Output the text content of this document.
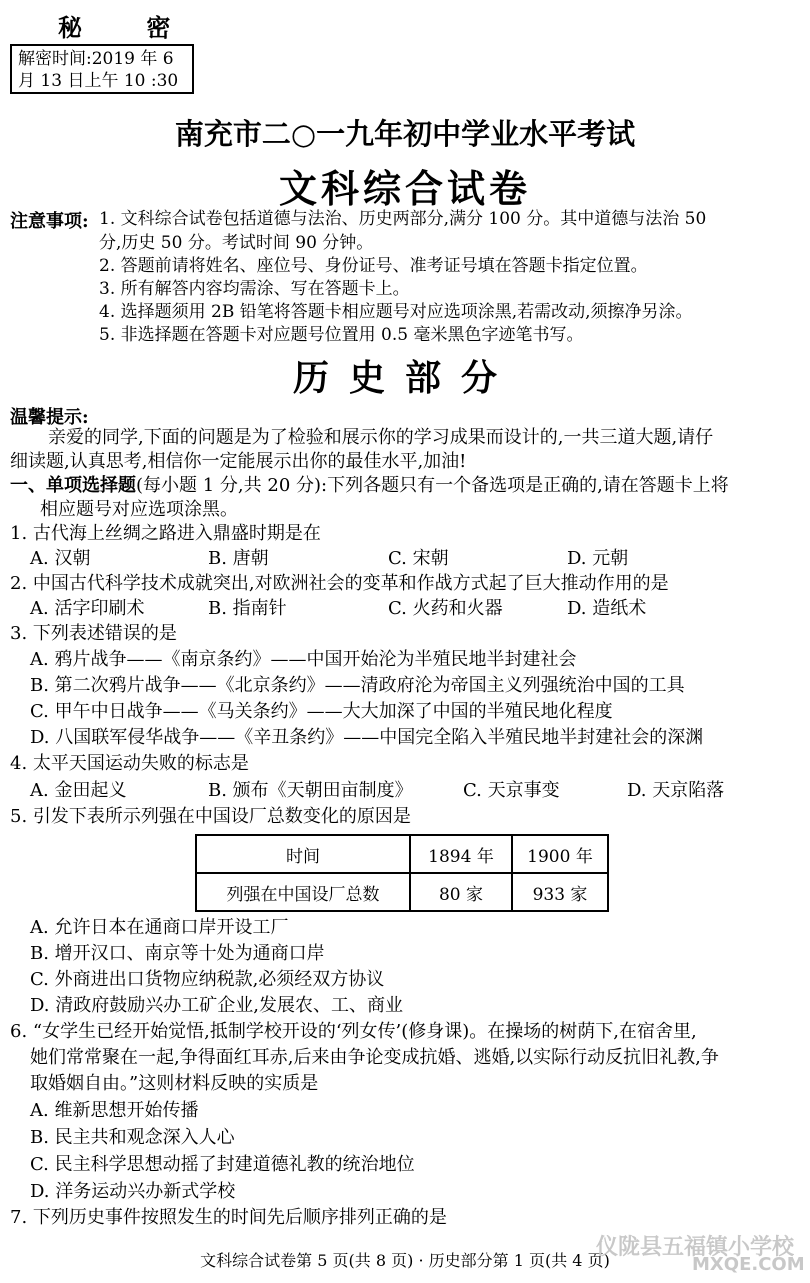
秘 密
解密时间:2019 年 6
月 13 日上午 10 :30
南充市二○一九年初中学业水平考试
文科综合试卷
注意事项: 1. 文科综合试卷包括道德与法治、历史两部分,满分 100 分。其中道德与法治 50
分,历史 50 分。考试时间 90 分钟。
2. 答题前请将姓名、座位号、身份证号、准考证号填在答题卡指定位置。
3. 所有解答内容均需涂、写在答题卡上。
4. 选择题须用 2B 铅笔将答题卡相应题号对应选项涂黑,若需改动,须擦净另涂。
5. 非选择题在答题卡对应题号位置用 0.5 毫米黑色字迹笔书写。
历史部分
温馨提示:
亲爱的同学,下面的问题是为了检验和展示你的学习成果而设计的,一共三道大题,请仔
细读题,认真思考,相信你一定能展示出你的最佳水平,加油!
一、单项选择题(每小题 1 分,共 20 分):下列各题只有一个备选项是正确的,请在答题卡上将
相应题号对应选项涂黑。
1. 古代海上丝绸之路进入鼎盛时期是在
A. 汉朝	B. 唐朝	C. 宋朝	D. 元朝
2. 中国古代科学技术成就突出,对欧洲社会的变革和作战方式起了巨大推动作用的是
A. 活字印刷术	B. 指南针	C. 火药和火器	D. 造纸术
3. 下列表述错误的是
A. 鸦片战争——《南京条约》——中国开始沦为半殖民地半封建社会
B. 第二次鸦片战争——《北京条约》——清政府沦为帝国主义列强统治中国的工具
C. 甲午中日战争——《马关条约》——大大加深了中国的半殖民地化程度
D. 八国联军侵华战争——《辛丑条约》——中国完全陷入半殖民地半封建社会的深渊
4. 太平天国运动失败的标志是
A. 金田起义	B. 颁布《天朝田亩制度》	C. 天京事变	D. 天京陷落
5. 引发下表所示列强在中国设厂总数变化的原因是
时间	1894 年	1900 年
列强在中国设厂总数	80 家	933 家
A. 允许日本在通商口岸开设工厂
B. 增开汉口、南京等十处为通商口岸
C. 外商进出口货物应纳税款,必须经双方协议
D. 清政府鼓励兴办工矿企业,发展农、工、商业
6. “女学生已经开始觉悟,抵制学校开设的‘列女传’(修身课)。在操场的树荫下,在宿舍里,
她们常常聚在一起,争得面红耳赤,后来由争论变成抗婚、逃婚,以实际行动反抗旧礼教,争
取婚姻自由。”这则材料反映的实质是
A. 维新思想开始传播
B. 民主共和观念深入人心
C. 民主科学思想动摇了封建道德礼教的统治地位
D. 洋务运动兴办新式学校
7. 下列历史事件按照发生的时间先后顺序排列正确的是
文科综合试卷第 5 页(共 8 页) · 历史部分第 1 页(共 4 页)
仪陇县五福镇小学校
MXQE.COM
